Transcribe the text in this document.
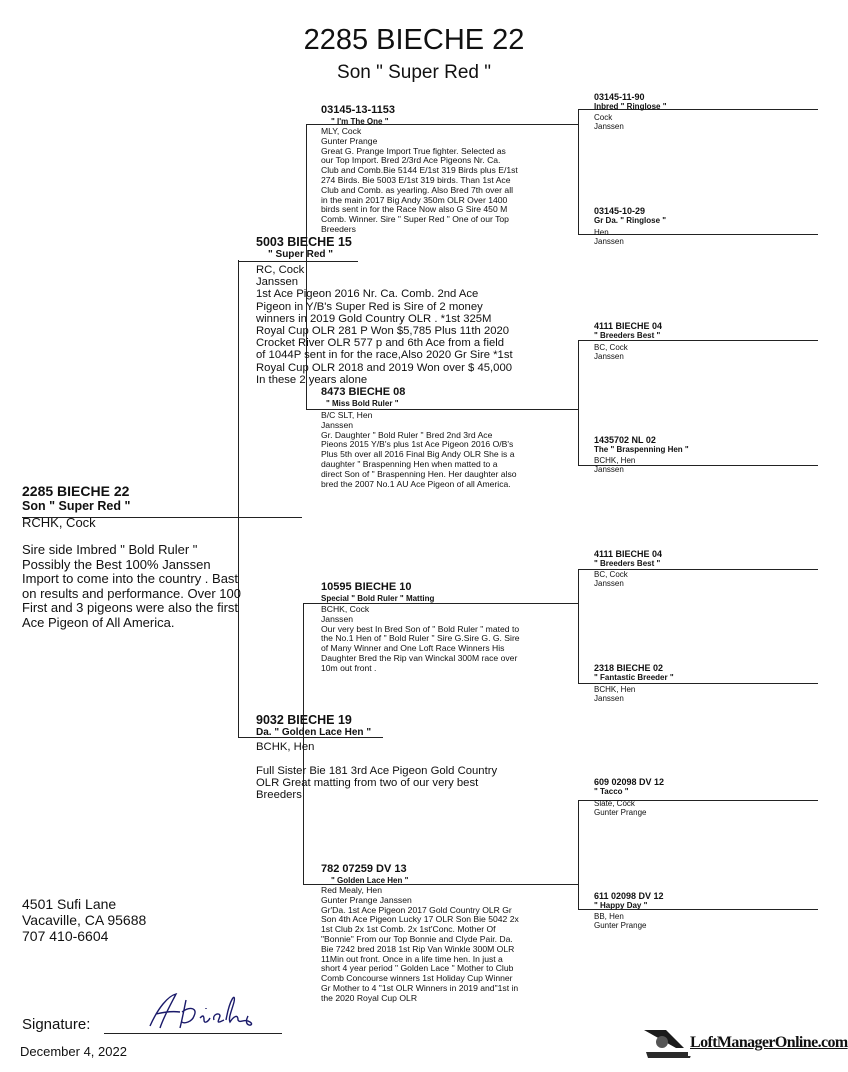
2285 BIECHE 22
Son " Super Red "
2285 BIECHE 22
Son " Super Red "
RCHK, Cock
Sire side Imbred " Bold Ruler "
Possibly the Best 100% Janssen
Import to come into the country . Bast
on results and performance. Over 100
First and 3 pigeons were also the first
Ace Pigeon of All America.
5003 BIECHE 15
" Super Red "
RC, Cock
Janssen
1st Ace Pigeon 2016 Nr. Ca. Comb. 2nd Ace
Pigeon in Y/B's Super Red is Sire of 2 money
winners in 2019 Gold Country OLR . *1st 325M
Royal Cup OLR 281 P Won $5,785 Plus 11th 2020
Crocket River OLR 577 p and 6th Ace from a field
of 1044P sent in for the race,Also 2020 Gr Sire *1st
Royal Cup OLR 2018 and 2019 Won over $ 45,000
In these 2 years alone
9032 BIECHE 19
Da. " Golden Lace Hen "
BCHK, Hen
Full Sister Bie 181 3rd Ace Pigeon Gold Country
OLR Great matting from two of our very best
Breeders
03145-13-1153
" I'm The One "
MLY, Cock
Gunter Prange
Great G. Prange Import True fighter. Selected as
our Top Import. Bred 2/3rd Ace Pigeons Nr. Ca.
Club and Comb.Bie 5144 E/1st 319 Birds plus E/1st
274 Birds. Bie 5003 E/1st 319 birds. Than 1st Ace
Club and Comb. as yearling. Also Bred 7th over all
in the main 2017 Big Andy 350m OLR Over 1400
birds sent in for the Race Now also G Sire 450 M
Comb. Winner. Sire " Super Red " One of our Top
Breeders
8473 BIECHE 08
" Miss Bold Ruler "
B/C SLT, Hen
Janssen
Gr. Daughter " Bold Ruler " Bred 2nd 3rd Ace
Pieons 2015 Y/B's plus 1st Ace Pigeon 2016 O/B's
Plus 5th over all 2016 Final Big Andy OLR She is a
daughter " Braspenning Hen when matted to a
direct Son of " Braspenning Hen. Her daughter also
bred the 2007 No.1 AU Ace Pigeon of all America.
10595 BIECHE 10
Special " Bold Ruler " Matting
BCHK, Cock
Janssen
Our very best In Bred Son of " Bold Ruler " mated to
the No.1 Hen of " Bold Ruler " Sire G.Sire G. G. Sire
of Many Winner and One Loft Race Winners His
Daughter Bred the Rip van Winckal 300M race over
10m out front .
782 07259 DV 13
" Golden Lace Hen "
Red Mealy, Hen
Gunter Prange Janssen
Gr'Da. 1st Ace Pigeon 2017 Gold Country OLR Gr
Son 4th Ace Pigeon Lucky 17 OLR Son Bie 5042 2x
1st Club 2x 1st Comb. 2x 1st'Conc. Mother Of
"Bonnie" From our Top Bonnie and Clyde Pair. Da.
Bie 7242 bred 2018 1st Rip Van Winkle 300M OLR
11Min out front. Once in a life time hen. In just a
short 4 year period " Golden Lace " Mother to Club
Comb Concourse winners 1st Holiday Cup Winner
Gr Mother to 4 "1st OLR Winners in 2019 and"1st in
the 2020 Royal Cup OLR
03145-11-90
Inbred " Ringlose "
Cock
Janssen
03145-10-29
Gr Da. " Ringlose "
Hen
Janssen
4111 BIECHE 04
" Breeders Best "
BC, Cock
Janssen
1435702 NL 02
The " Braspenning Hen "
BCHK, Hen
Janssen
4111 BIECHE 04
" Breeders Best "
BC, Cock
Janssen
2318 BIECHE 02
" Fantastic Breeder "
BCHK, Hen
Janssen
609 02098 DV 12
" Tacco "
Slate, Cock
Gunter Prange
611 02098 DV 12
" Happy Day "
BB, Hen
Gunter Prange
4501 Sufi Lane
Vacaville, CA 95688
707 410-6604
Signature:
December 4, 2022
LoftManagerOnline.com
